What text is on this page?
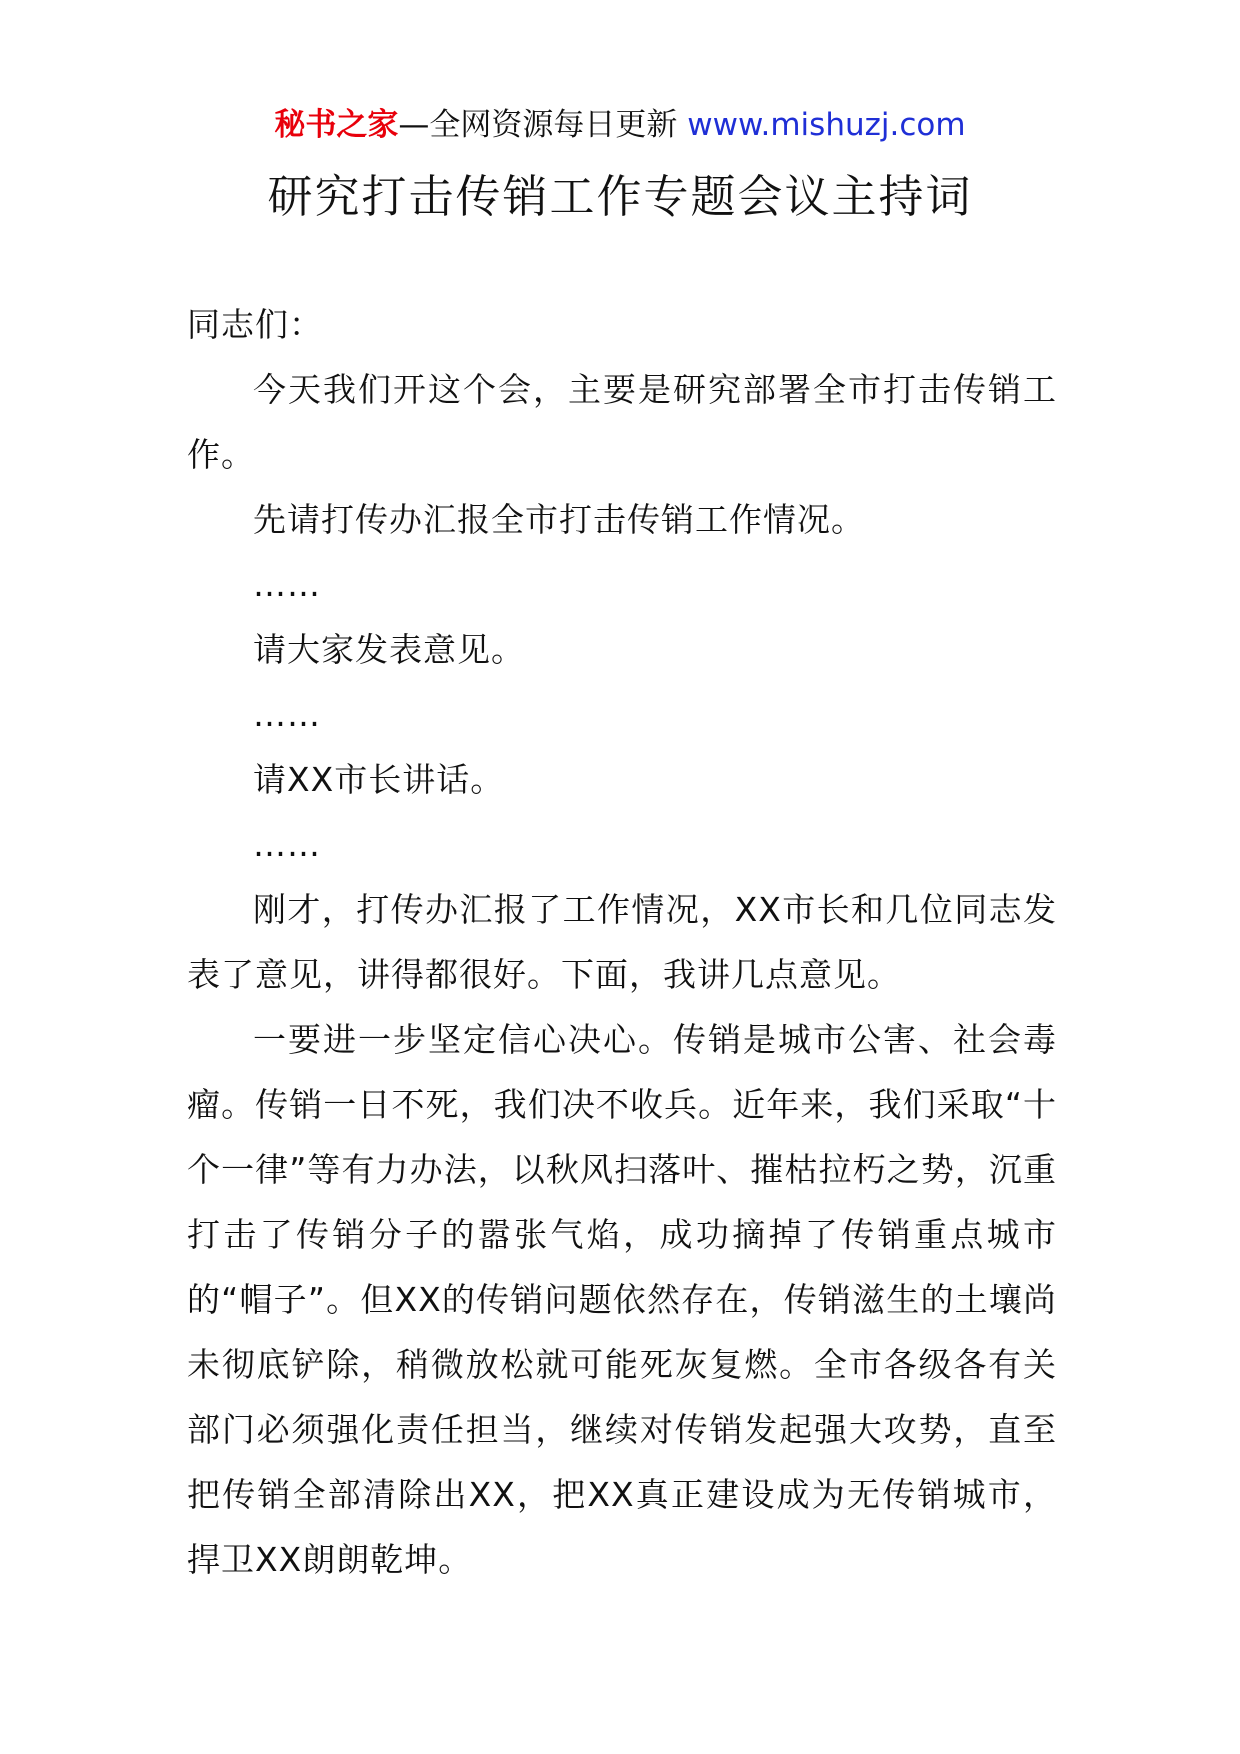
秘书之家—全网资源每日更新 www.mishuzj.com
研究打击传销工作专题会议主持词

同志们：

今天我们开这个会，主要是研究部署全市打击传销工作。

先请打传办汇报全市打击传销工作情况。

……

请大家发表意见。

……

请XX市长讲话。

……

刚才，打传办汇报了工作情况，XX市长和几位同志发表了意见，讲得都很好。下面，我讲几点意见。

一要进一步坚定信心决心。传销是城市公害、社会毒瘤。传销一日不死，我们决不收兵。近年来，我们采取“十个一律”等有力办法，以秋风扫落叶、摧枯拉朽之势，沉重打击了传销分子的嚣张气焰，成功摘掉了传销重点城市的“帽子”。但XX的传销问题依然存在，传销滋生的土壤尚未彻底铲除，稍微放松就可能死灰复燃。全市各级各有关部门必须强化责任担当，继续对传销发起强大攻势，直至把传销全部清除出XX，把XX真正建设成为无传销城市，捍卫XX朗朗乾坤。
